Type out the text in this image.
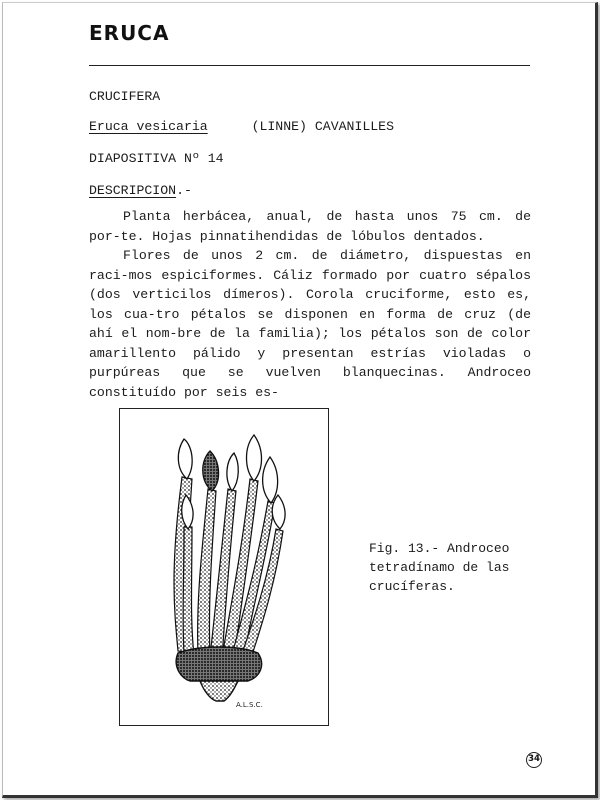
ERUCA
CRUCIFERA
Eruca vesicaria	(LINNE) CAVANILLES
DIAPOSITIVA Nº 14
DESCRIPCION.-

Planta herbácea, anual, de hasta unos 75 cm. de por-te. Hojas pinnatihendidas de lóbulos dentados.

Flores de unos 2 cm. de diámetro, dispuestas en raci-mos espiciformes. Cáliz formado por cuatro sépalos (dos verticilos dímeros). Corola cruciforme, esto es, los cua-tro pétalos se disponen en forma de cruz (de ahí el nom-bre de la familia); los pétalos son de color amarillento pálido y presentan estrías violadas o purpúreas que se vuelven blanquecinas. Androceo constituído por seis es-

A.L.S.C.
Fig. 13.- Androceo
tetradínamo de las
crucíferas.
34
